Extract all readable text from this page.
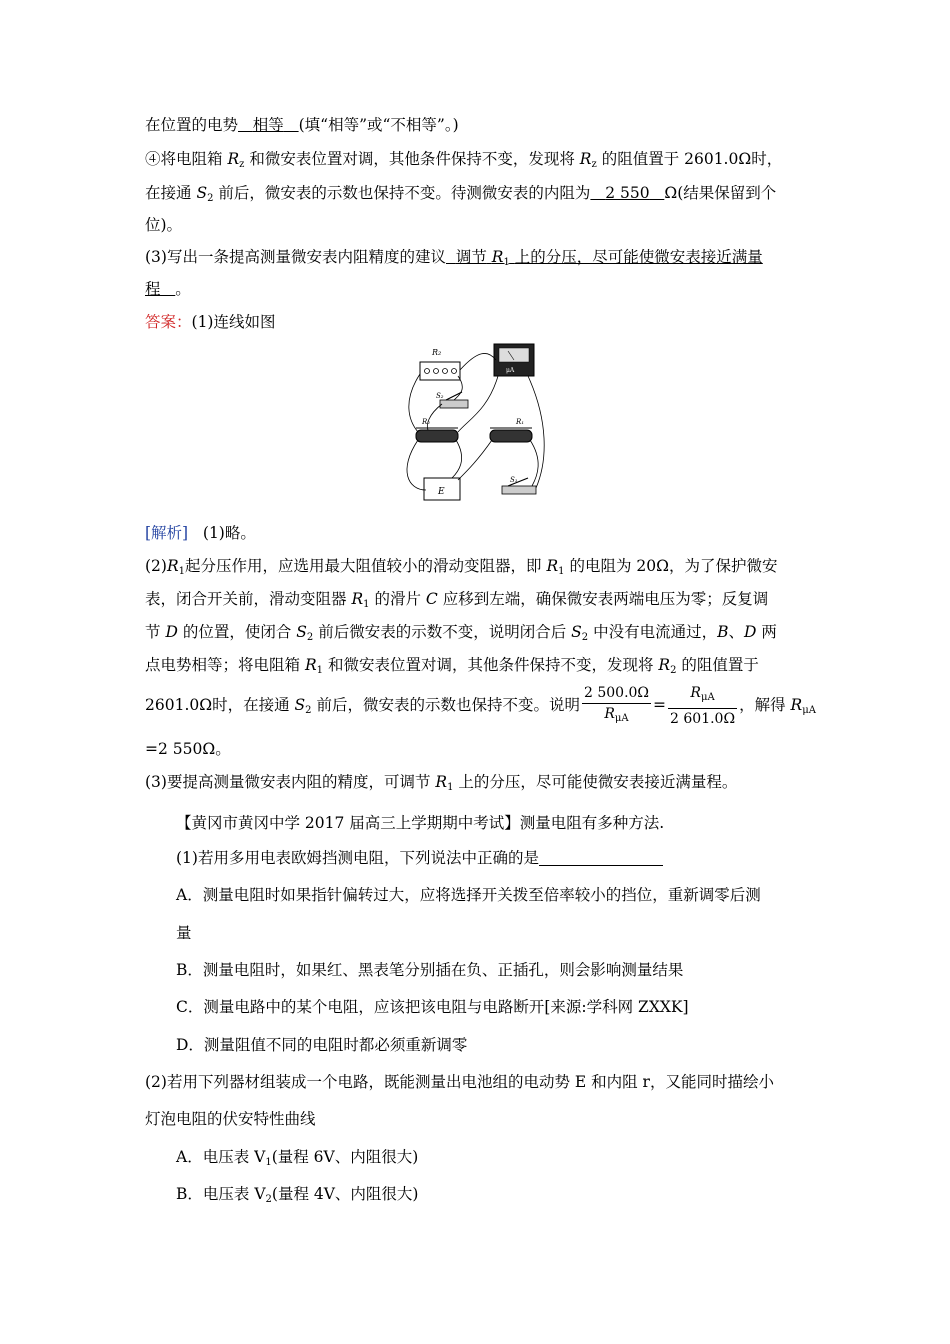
在位置的电势 相等 (填“相等”或“不相等”。)
④将电阻箱 $R_z$ 和微安表位置对调，其他条件保持不变，发现将 $R_z$ 的阻值置于 2601.0Ω时，
在接通 $S_2$ 前后，微安表的示数也保持不变。待测微安表的内阻为 2 550 Ω(结果保留到个
位)。
(3)写出一条提高测量微安表内阻精度的建议 调节 $R_1$ 上的分压，尽可能使微安表接近满量
程 。
答案：(1)连线如图
R₂
μA
S₂
R₂	R₁
E
S₁
[解析] (1)略。
$(2)R_1$起分压作用，应选用最大阻值较小的滑动变阻器，即 $R_1$ 的电阻为 20Ω，为了保护微安
表，闭合开关前，滑动变阻器 $R_1$ 的滑片 C 应移到左端，确保微安表两端电压为零；反复调
节 D 的位置，使闭合 $S_2$ 前后微安表的示数不变，说明闭合后 $S_2$ 中没有电流通过，B、D 两
点电势相等；将电阻箱 $R_1$ 和微安表位置对调，其他条件保持不变，发现将 $R_2$ 的阻值置于
2601.0Ω时，在接通 $S_2$ 前后，微安表的示数也保持不变。说明 $\frac{2 500.0\Omega}{R_{\mu A}} = \frac{R_{\mu A}}{2 601.0\Omega}$ ，解得 $R_{\mu A}$
=2 550Ω。
(3)要提高测量微安表内阻的精度，可调节 $R_1$ 上的分压，尽可能使微安表接近满量程。
【黄冈市黄冈中学 2017 届高三上学期期中考试】测量电阻有多种方法.
(1)若用多用电表欧姆挡测电阻，下列说法中正确的是
A．测量电阻时如果指针偏转过大，应将选择开关拨至倍率较小的挡位，重新调零后测
量
B．测量电阻时，如果红、黑表笔分别插在负、正插孔，则会影响测量结果
C．测量电路中的某个电阻，应该把该电阻与电路断开[来源:学科网 ZXXK]
D．测量阻值不同的电阻时都必须重新调零
(2)若用下列器材组装成一个电路，既能测量出电池组的电动势 E 和内阻 r，又能同时描绘小
灯泡电阻的伏安特性曲线
A．电压表 $V_1$(量程 6V、内阻很大)
B．电压表 $V_2$(量程 4V、内阻很大)
